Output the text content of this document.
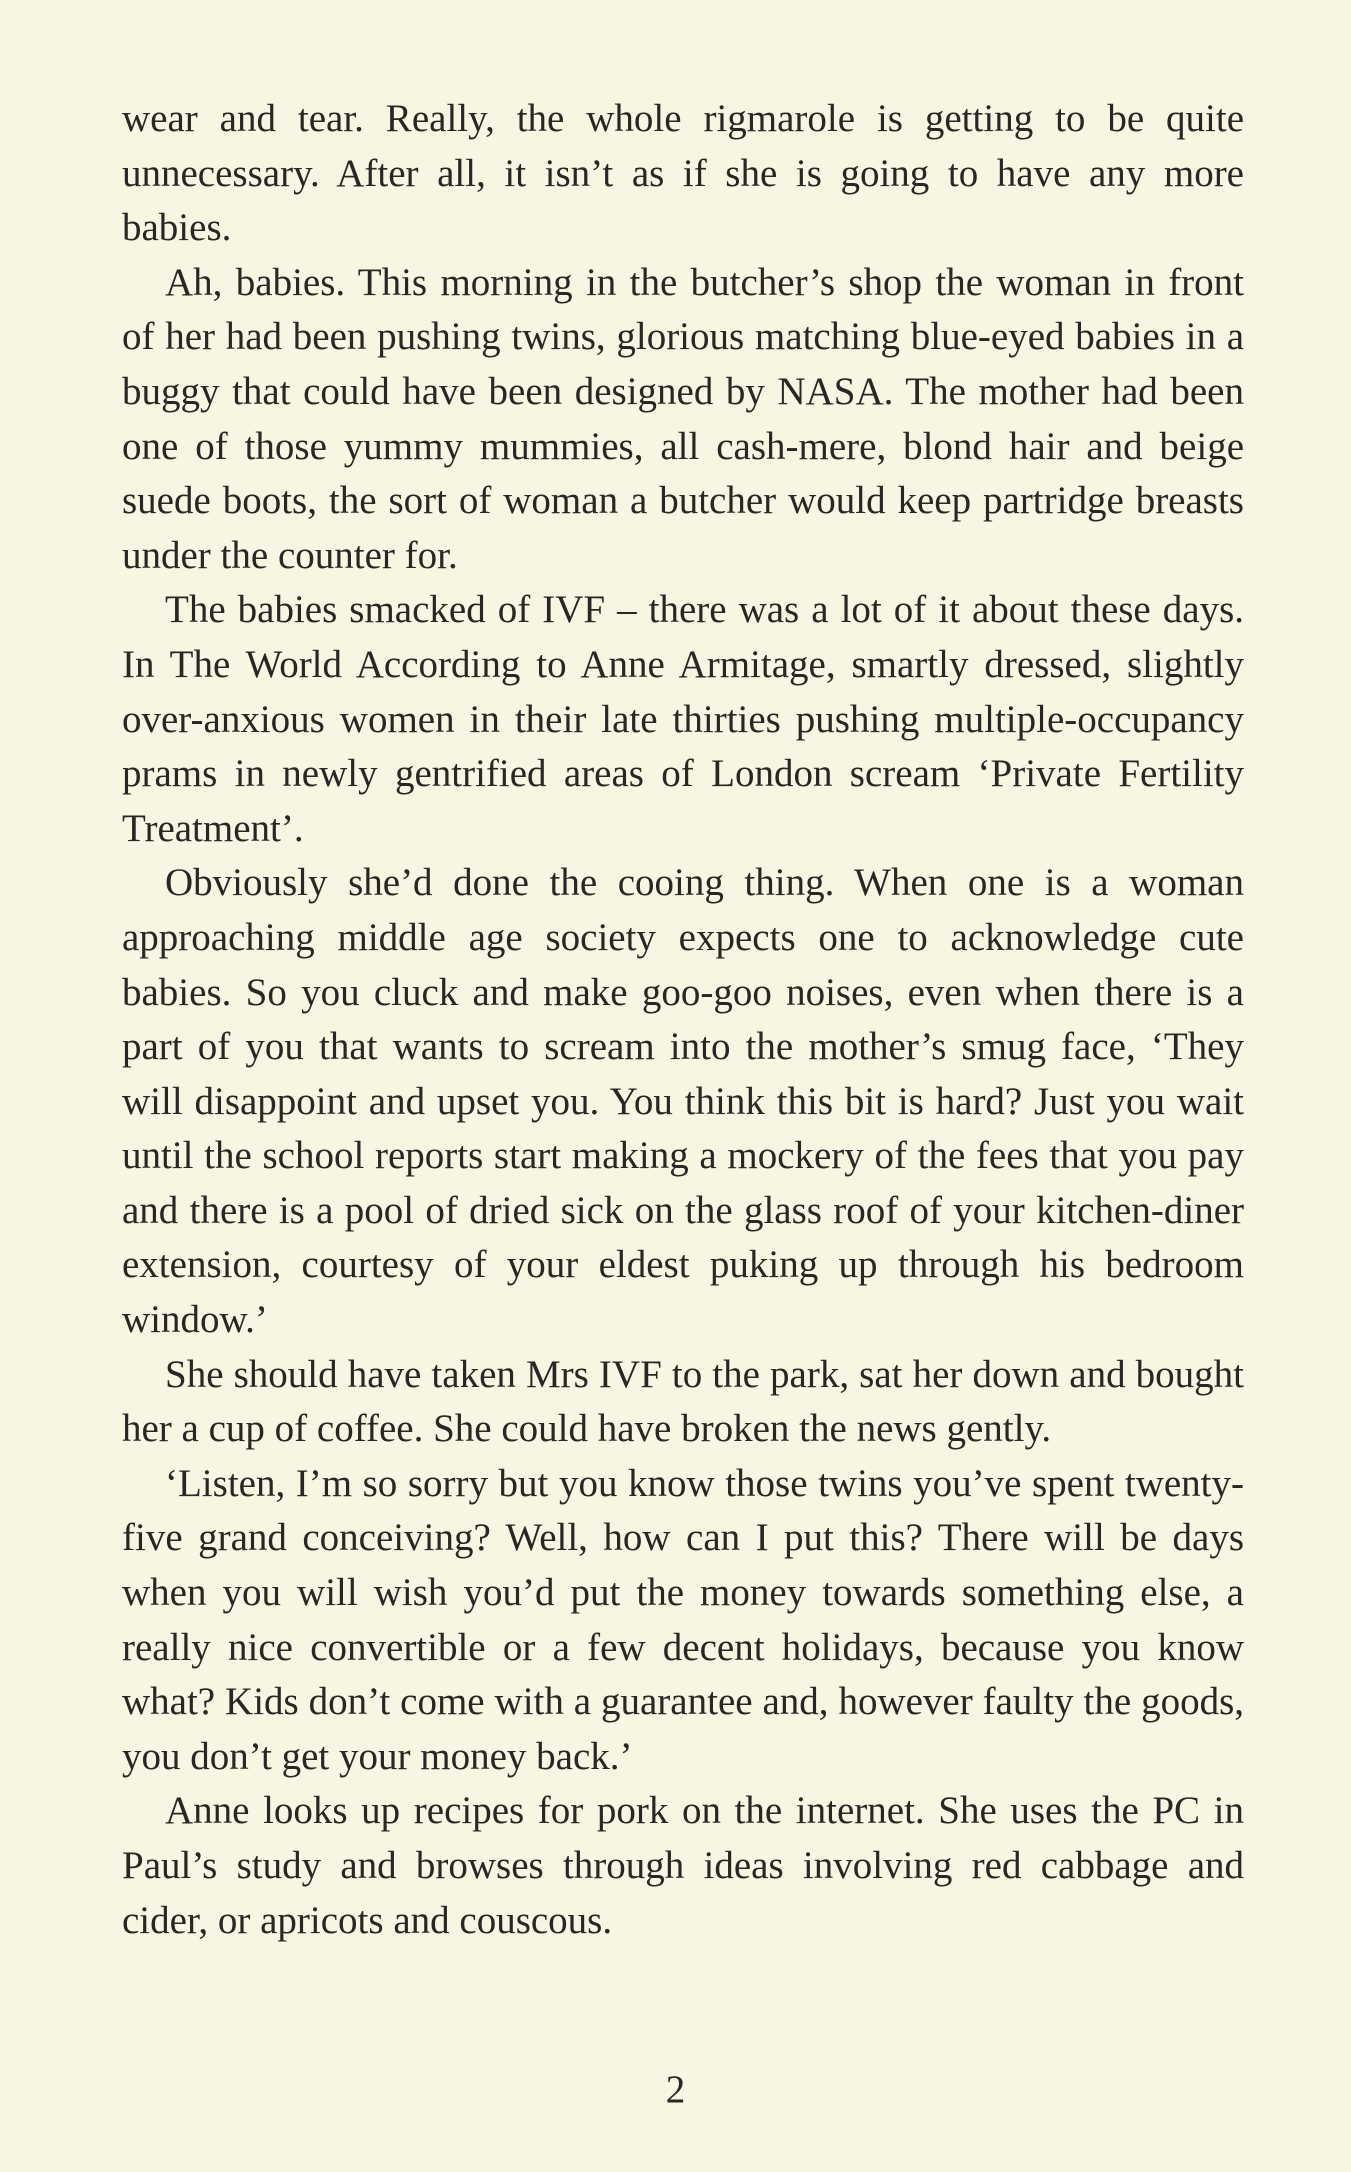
wear and tear. Really, the whole rigmarole is getting to be quite unnecessary. After all, it isn’t as if she is going to have any more babies.

Ah, babies. This morning in the butcher’s shop the woman in front of her had been pushing twins, glorious matching blue-eyed babies in a buggy that could have been designed by NASA. The mother had been one of those yummy mummies, all cash-mere, blond hair and beige suede boots, the sort of woman a butcher would keep partridge breasts under the counter for.

The babies smacked of IVF – there was a lot of it about these days. In The World According to Anne Armitage, smartly dressed, slightly over-anxious women in their late thirties pushing multiple-occupancy prams in newly gentrified areas of London scream ‘Private Fertility Treatment’.

Obviously she’d done the cooing thing. When one is a woman approaching middle age society expects one to acknowledge cute babies. So you cluck and make goo-goo noises, even when there is a part of you that wants to scream into the mother’s smug face, ‘They will disappoint and upset you. You think this bit is hard? Just you wait until the school reports start making a mockery of the fees that you pay and there is a pool of dried sick on the glass roof of your kitchen-diner extension, courtesy of your eldest puking up through his bedroom window.’

She should have taken Mrs IVF to the park, sat her down and bought her a cup of coffee. She could have broken the news gently.

‘Listen, I’m so sorry but you know those twins you’ve spent twenty-five grand conceiving? Well, how can I put this? There will be days when you will wish you’d put the money towards something else, a really nice convertible or a few decent holidays, because you know what? Kids don’t come with a guarantee and, however faulty the goods, you don’t get your money back.’

Anne looks up recipes for pork on the internet. She uses the PC in Paul’s study and browses through ideas involving red cabbage and cider, or apricots and couscous.

2
